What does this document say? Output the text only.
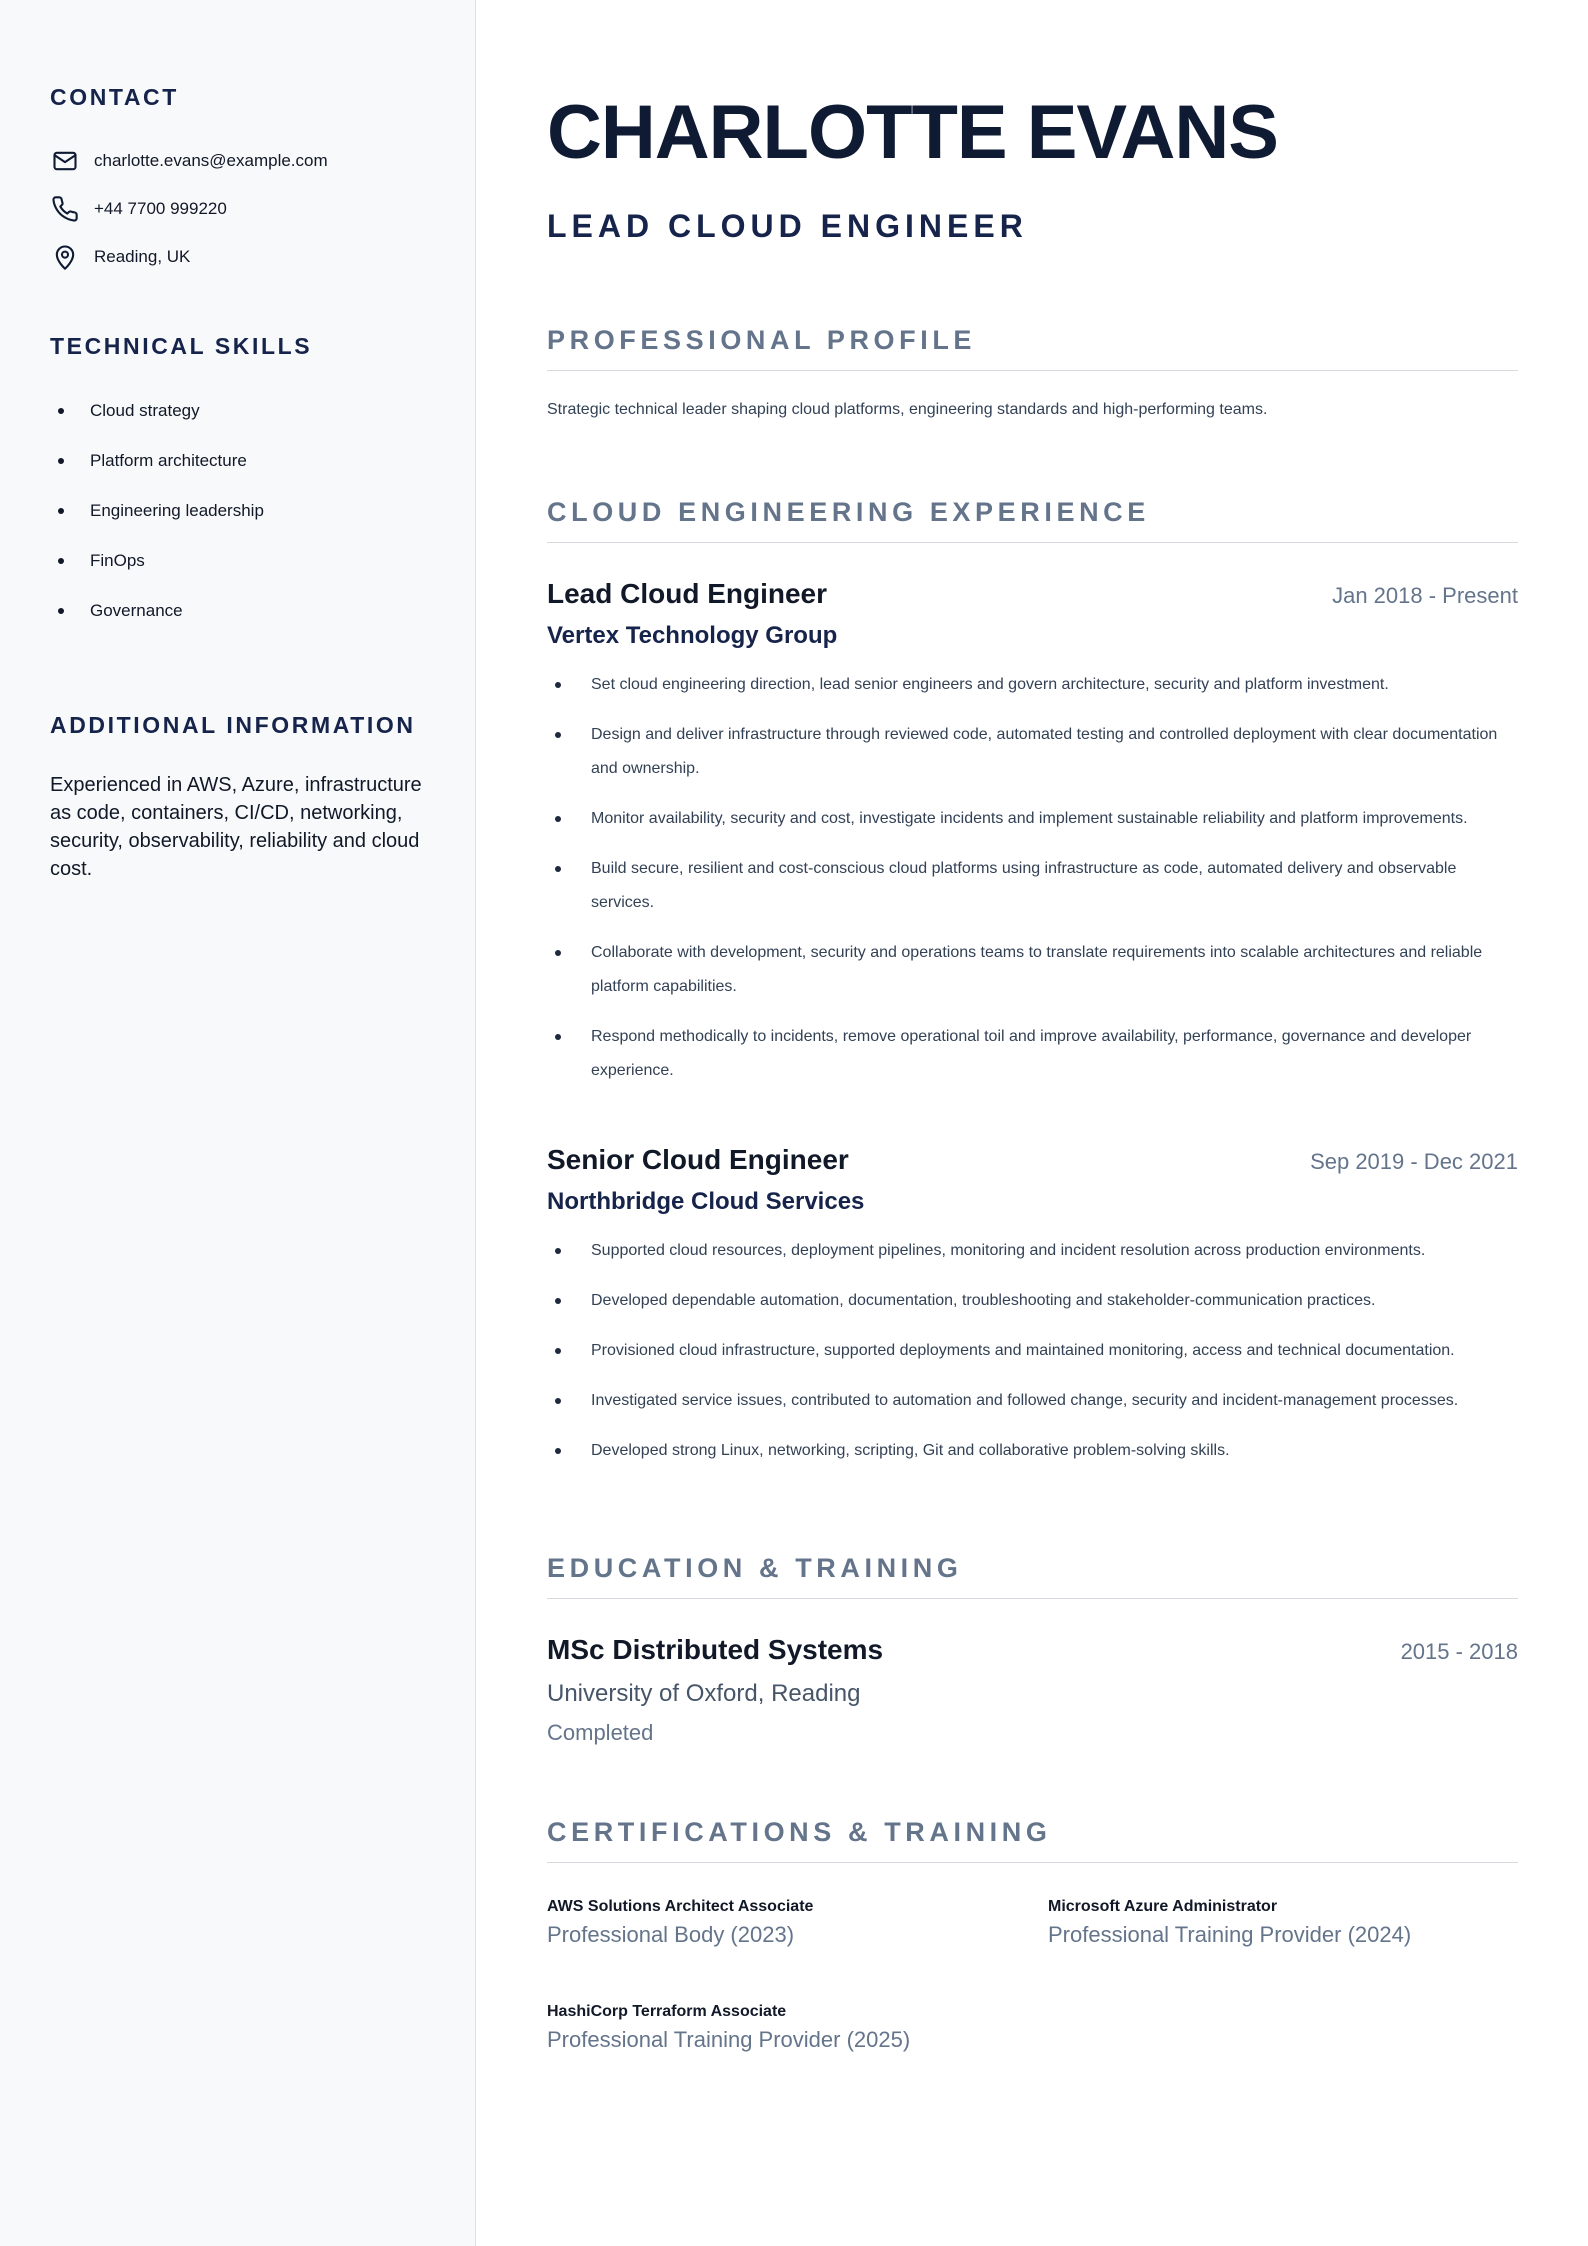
CONTACT
charlotte.evans@example.com
+44 7700 999220
Reading, UK
TECHNICAL SKILLS
Cloud strategy
Platform architecture
Engineering leadership
FinOps
Governance
ADDITIONAL INFORMATION

Experienced in AWS, Azure, infrastructure as code, containers, CI/CD, networking, security, observability, reliability and cloud cost.

CHARLOTTE EVANS
LEAD CLOUD ENGINEER
PROFESSIONAL PROFILE

Strategic technical leader shaping cloud platforms, engineering standards and high-performing teams.

CLOUD ENGINEERING EXPERIENCE
Lead Cloud Engineer	Jan 2018 - Present
Vertex Technology Group
Set cloud engineering direction, lead senior engineers and govern architecture, security and platform investment.
Design and deliver infrastructure through reviewed code, automated testing and controlled deployment with clear documentation and ownership.
Monitor availability, security and cost, investigate incidents and implement sustainable reliability and platform improvements.
Build secure, resilient and cost-conscious cloud platforms using infrastructure as code, automated delivery and observable services.
Collaborate with development, security and operations teams to translate requirements into scalable architectures and reliable platform capabilities.
Respond methodically to incidents, remove operational toil and improve availability, performance, governance and developer experience.
Senior Cloud Engineer	Sep 2019 - Dec 2021
Northbridge Cloud Services
Supported cloud resources, deployment pipelines, monitoring and incident resolution across production environments.
Developed dependable automation, documentation, troubleshooting and stakeholder-communication practices.
Provisioned cloud infrastructure, supported deployments and maintained monitoring, access and technical documentation.
Investigated service issues, contributed to automation and followed change, security and incident-management processes.
Developed strong Linux, networking, scripting, Git and collaborative problem-solving skills.
EDUCATION & TRAINING
MSc Distributed Systems	2015 - 2018
University of Oxford, Reading
Completed
CERTIFICATIONS & TRAINING
AWS Solutions Architect Associate
Professional Body (2023)
Microsoft Azure Administrator
Professional Training Provider (2024)
HashiCorp Terraform Associate
Professional Training Provider (2025)
